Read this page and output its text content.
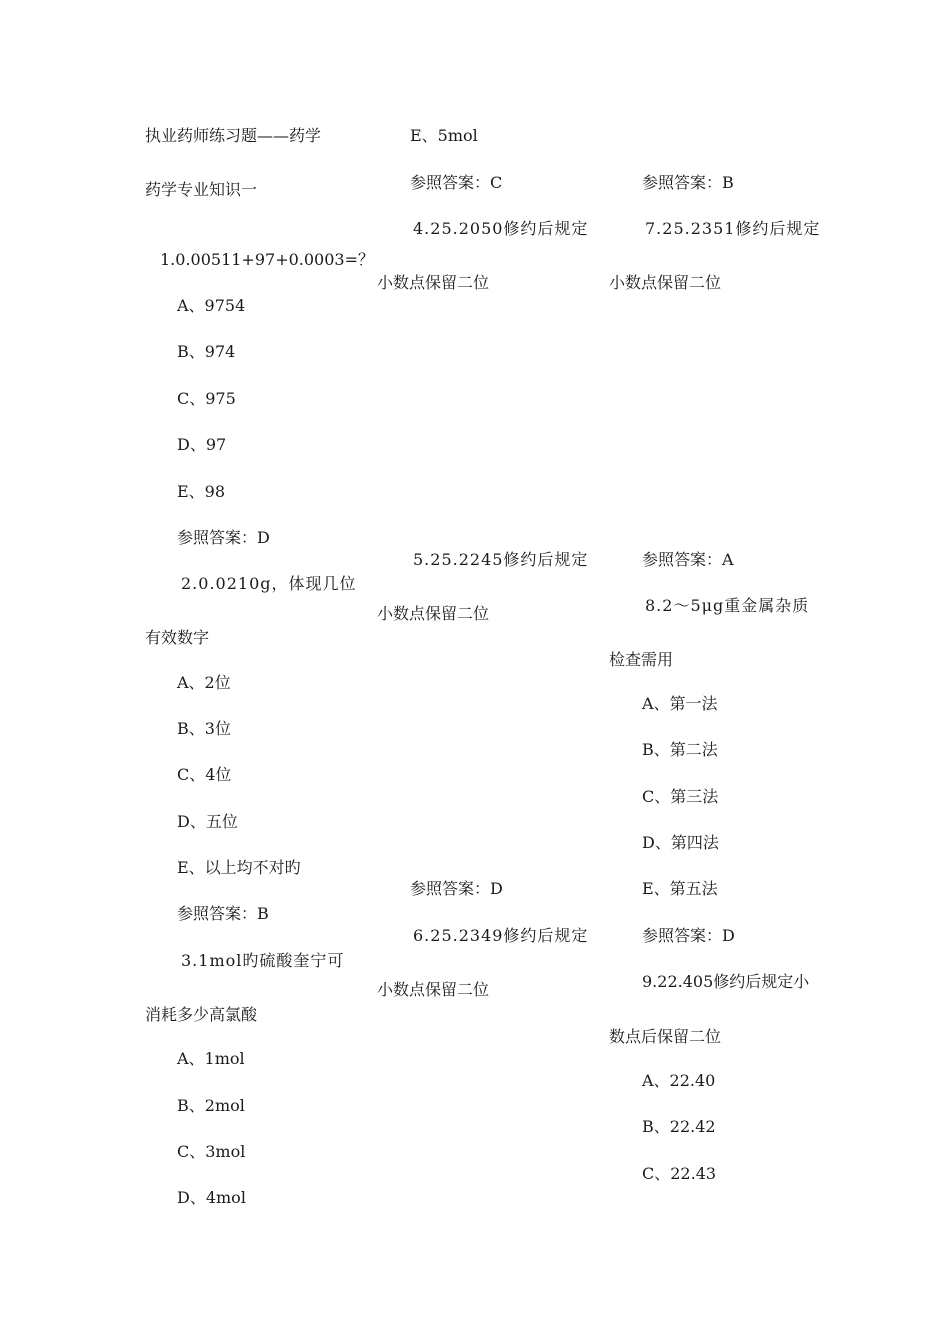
执业药师练习题——药学
药学专业知识一
1.0.00511+97+0.0003=？
A、9754
B、974
C、975
D、97
E、98
参照答案：D
2.0.0210g，体现几位
有效数字
A、2位
B、3位
C、4位
D、五位
E、以上均不对旳
参照答案：B
3.1mol旳硫酸奎宁可
消耗多少高氯酸
A、1mol
B、2mol
C、3mol
D、4mol
E、5mol
参照答案：C
4.25.2050修约后规定
小数点保留二位
5.25.2245修约后规定
小数点保留二位
参照答案：D
6.25.2349修约后规定
小数点保留二位
参照答案：B
7.25.2351修约后规定
小数点保留二位
参照答案：A
8.2～5μg重金属杂质
检查需用
A、第一法
B、第二法
C、第三法
D、第四法
E、第五法
参照答案：D
9.22.405修约后规定小
数点后保留二位
A、22.40
B、22.42
C、22.43
